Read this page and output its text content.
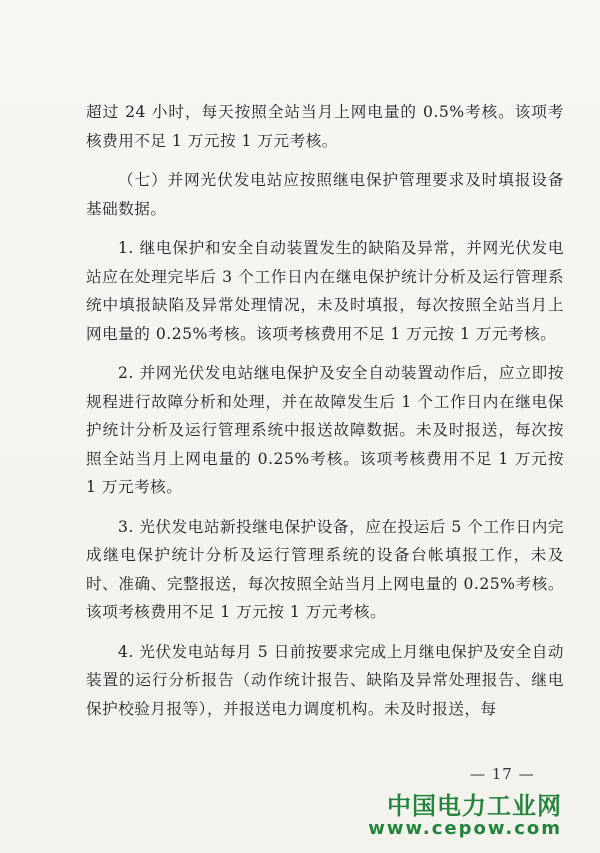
超过 24 小时，每天按照全站当月上网电量的 0.5%考核。该项考核费用不足 1 万元按 1 万元考核。

（七）并网光伏发电站应按照继电保护管理要求及时填报设备基础数据。

1. 继电保护和安全自动装置发生的缺陷及异常，并网光伏发电站应在处理完毕后 3 个工作日内在继电保护统计分析及运行管理系统中填报缺陷及异常处理情况，未及时填报，每次按照全站当月上网电量的 0.25%考核。该项考核费用不足 1 万元按 1 万元考核。

2. 并网光伏发电站继电保护及安全自动装置动作后，应立即按规程进行故障分析和处理，并在故障发生后 1 个工作日内在继电保护统计分析及运行管理系统中报送故障数据。未及时报送，每次按照全站当月上网电量的 0.25%考核。该项考核费用不足 1 万元按 1 万元考核。

3. 光伏发电站新投继电保护设备，应在投运后 5 个工作日内完成继电保护统计分析及运行管理系统的设备台帐填报工作，未及时、准确、完整报送，每次按照全站当月上网电量的 0.25%考核。该项考核费用不足 1 万元按 1 万元考核。

4. 光伏发电站每月 5 日前按要求完成上月继电保护及安全自动装置的运行分析报告（动作统计报告、缺陷及异常处理报告、继电保护校验月报等），并报送电力调度机构。未及时报送，每

— 17 —
中国电力工业网
www.cepow.com
